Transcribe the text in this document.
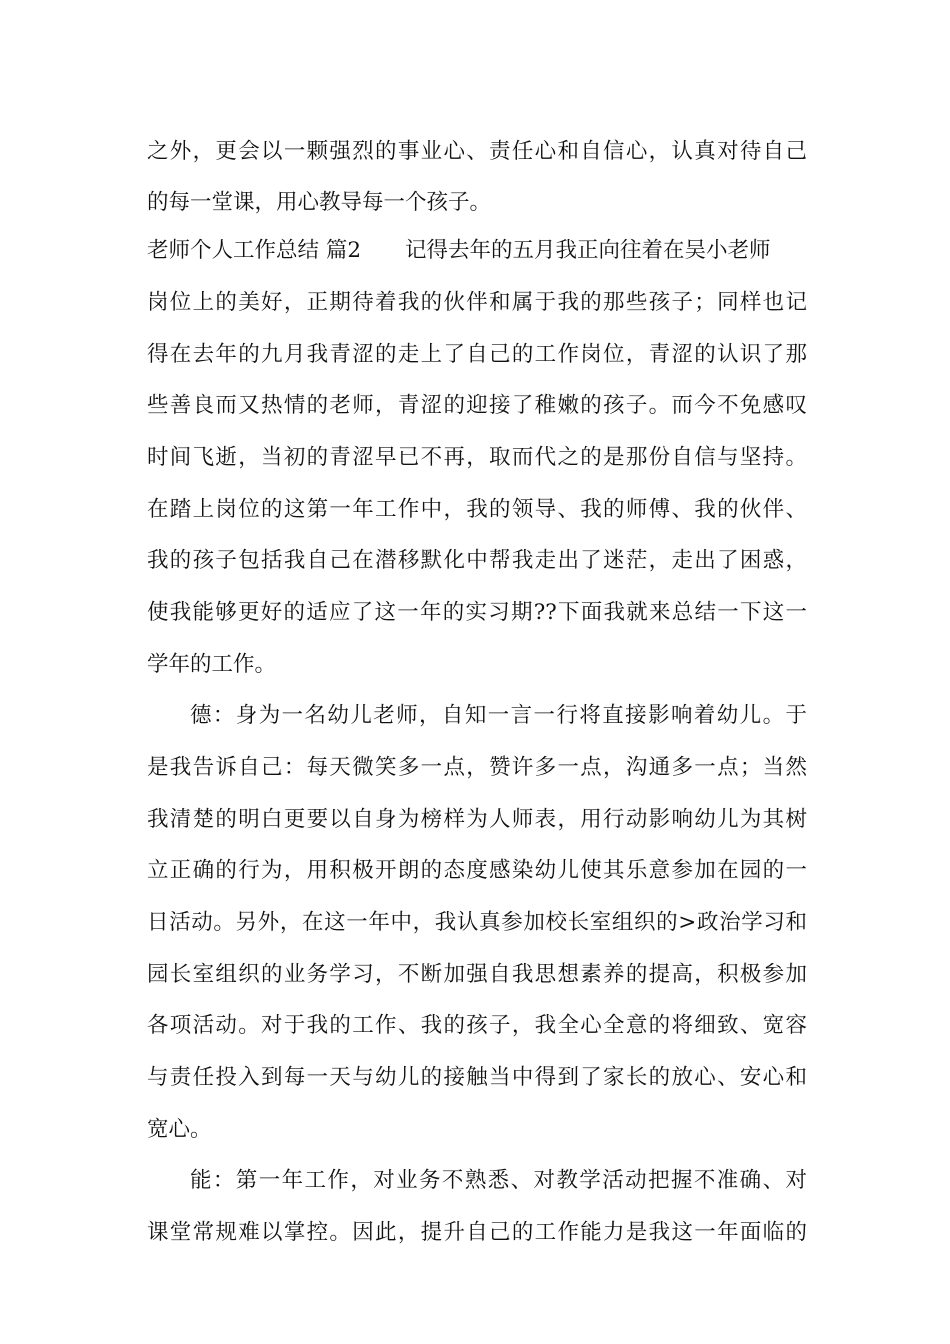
之外，更会以一颗强烈的事业心、责任心和自信心，认真对待自己
的每一堂课，用心教导每一个孩子。
老师个人工作总结 篇2 记得去年的五月我正向往着在吴小老师
岗位上的美好，正期待着我的伙伴和属于我的那些孩子；同样也记
得在去年的九月我青涩的走上了自己的工作岗位，青涩的认识了那
些善良而又热情的老师，青涩的迎接了稚嫩的孩子。而今不免感叹
时间飞逝，当初的青涩早已不再，取而代之的是那份自信与坚持。
在踏上岗位的这第一年工作中，我的领导、我的师傅、我的伙伴、
我的孩子包括我自己在潜移默化中帮我走出了迷茫，走出了困惑，
使我能够更好的适应了这一年的实习期??下面我就来总结一下这一
学年的工作。
德：身为一名幼儿老师，自知一言一行将直接影响着幼儿。于
是我告诉自己：每天微笑多一点，赞许多一点，沟通多一点；当然
我清楚的明白更要以自身为榜样为人师表，用行动影响幼儿为其树
立正确的行为，用积极开朗的态度感染幼儿使其乐意参加在园的一
日活动。另外，在这一年中，我认真参加校长室组织的>政治学习和
园长室组织的业务学习，不断加强自我思想素养的提高，积极参加
各项活动。对于我的工作、我的孩子，我全心全意的将细致、宽容
与责任投入到每一天与幼儿的接触当中得到了家长的放心、安心和
宽心。
能：第一年工作，对业务不熟悉、对教学活动把握不准确、对
课堂常规难以掌控。因此，提升自己的工作能力是我这一年面临的
